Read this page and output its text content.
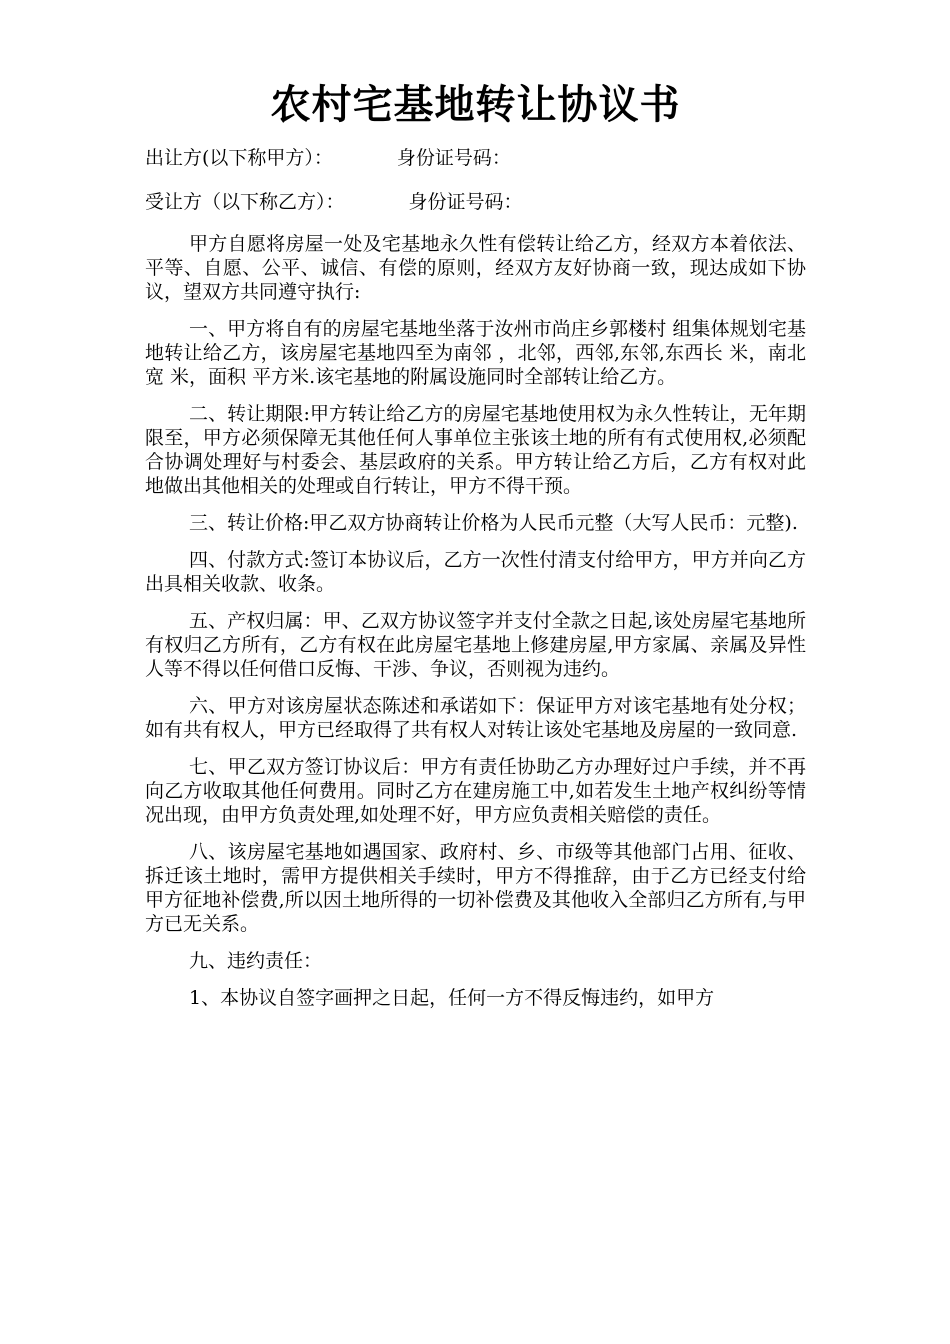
农村宅基地转让协议书
出让方(以下称甲方）：	身份证号码：
受让方（以下称乙方）：	身份证号码：

甲方自愿将房屋一处及宅基地永久性有偿转让给乙方，经双方本着依法、平等、自愿、公平、诚信、有偿的原则，经双方友好协商一致，现达成如下协议，望双方共同遵守执行:

一、甲方将自有的房屋宅基地坐落于汝州市尚庄乡郭楼村 组集体规划宅基地转让给乙方，该房屋宅基地四至为南邻 ，北邻，西邻,东邻,东西长 米，南北宽 米，面积 平方米.该宅基地的附属设施同时全部转让给乙方。

二、转让期限:甲方转让给乙方的房屋宅基地使用权为永久性转让，无年期限至，甲方必须保障无其他任何人事单位主张该土地的所有有式使用权,必须配合协调处理好与村委会、基层政府的关系。甲方转让给乙方后，乙方有权对此地做出其他相关的处理或自行转让，甲方不得干预。

三、转让价格:甲乙双方协商转让价格为人民币元整（大写人民币：元整).

四、付款方式:签订本协议后，乙方一次性付清支付给甲方，甲方并向乙方出具相关收款、收条。

五、产权归属：甲、乙双方协议签字并支付全款之日起,该处房屋宅基地所有权归乙方所有，乙方有权在此房屋宅基地上修建房屋,甲方家属、亲属及异性人等不得以任何借口反悔、干涉、争议，否则视为违约。

六、甲方对该房屋状态陈述和承诺如下：保证甲方对该宅基地有处分权；如有共有权人，甲方已经取得了共有权人对转让该处宅基地及房屋的一致同意.

七、甲乙双方签订协议后：甲方有责任协助乙方办理好过户手续，并不再向乙方收取其他任何费用。同时乙方在建房施工中,如若发生土地产权纠纷等情况出现，由甲方负责处理,如处理不好，甲方应负责相关赔偿的责任。

八、该房屋宅基地如遇国家、政府村、乡、市级等其他部门占用、征收、拆迁该土地时，需甲方提供相关手续时，甲方不得推辞，由于乙方已经支付给甲方征地补偿费,所以因土地所得的一切补偿费及其他收入全部归乙方所有,与甲方已无关系。

九、违约责任：

1、本协议自签字画押之日起，任何一方不得反悔违约，如甲方
